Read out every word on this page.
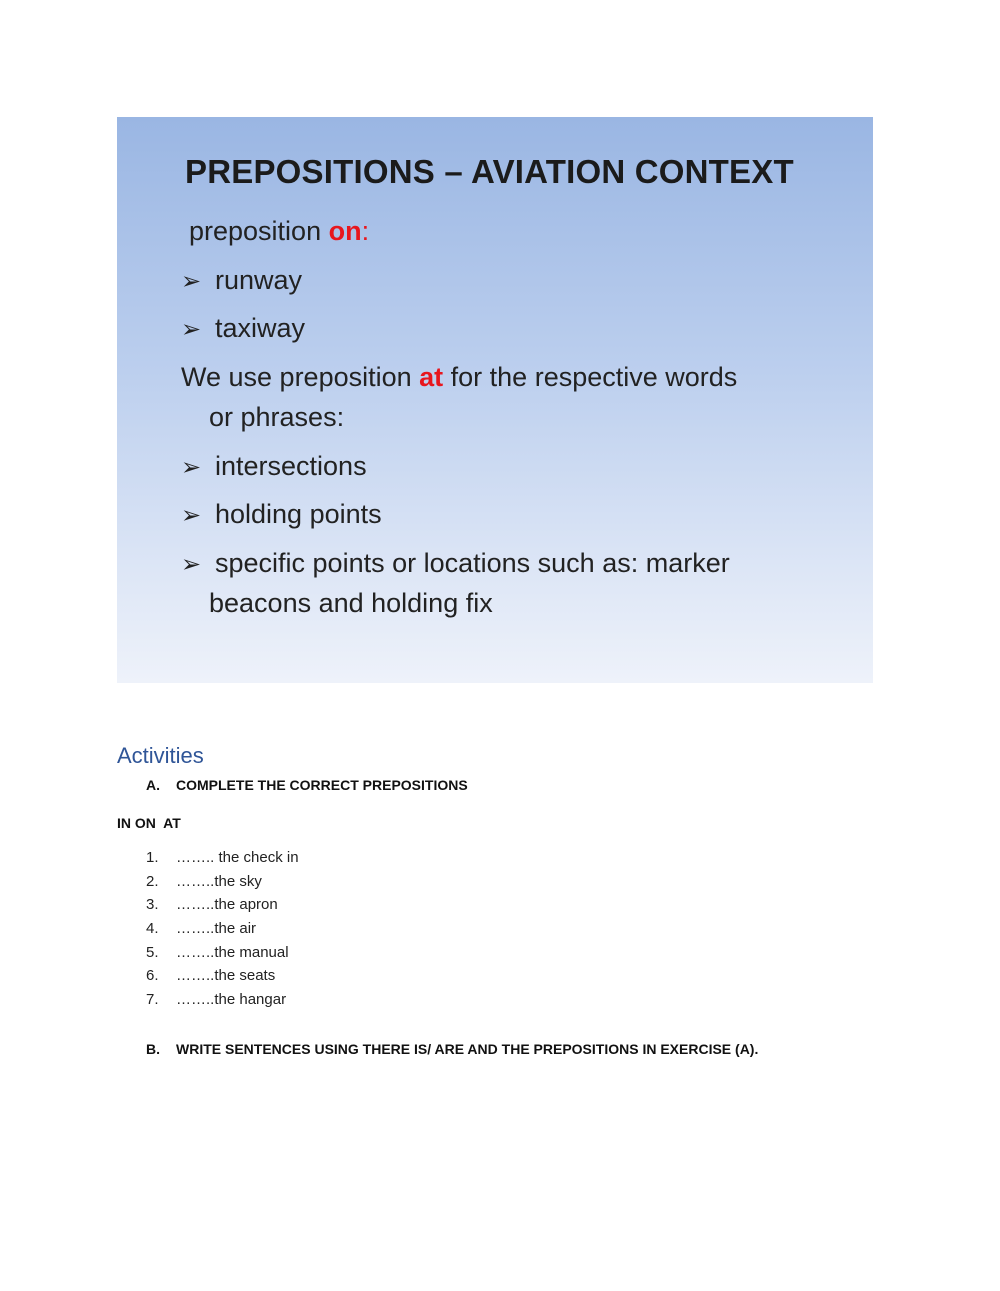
PREPOSITIONS – AVIATION CONTEXT
preposition on:
➢ runway
➢ taxiway
We use preposition at for the respective words
or phrases:
➢ intersections
➢ holding points
➢ specific points or locations such as: marker
beacons and holding fix
Activities
A. COMPLETE THE CORRECT PREPOSITIONS
IN ON  AT
1. …….. the check in
2. ……..the sky
3. ……..the apron
4. ……..the air
5. ……..the manual
6. ……..the seats
7. ……..the hangar
B. WRITE SENTENCES USING THERE IS/ ARE AND THE PREPOSITIONS IN EXERCISE (A).
